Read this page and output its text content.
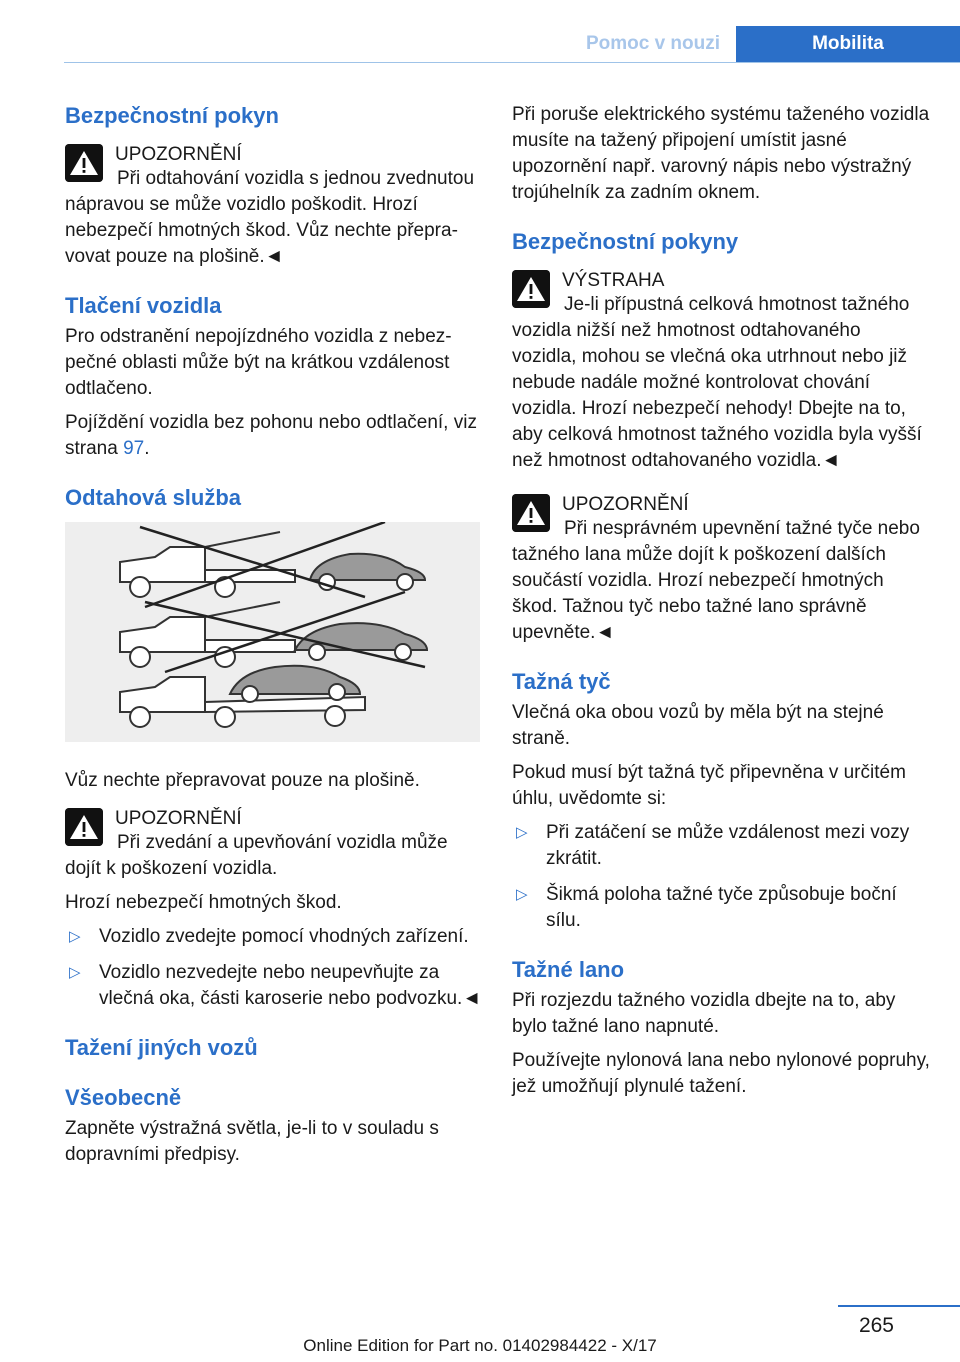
Pomoc v nouzi	Mobilita
Bezpečnostní pokyn
UPOZORNĚNÍ

Při odtahování vozidla s jednou zvednutou nápravou se může vozidlo poškodit. Hrozí nebezpečí hmotných škod. Vůz nechte přepravovat pouze na plošině.◄

Tlačení vozidla

Pro odstranění nepojízdného vozidla z nebezpečné oblasti může být na krátkou vzdálenost odtlačeno.

Pojíždění vozidla bez pohonu nebo odtlačení, viz strana 97.

Odtahová služba

Vůz nechte přepravovat pouze na plošině.

UPOZORNĚNÍ

Při zvedání a upevňování vozidla může dojít k poškození vozidla.

Hrozí nebezpečí hmotných škod.

▷ Vozidlo zvedejte pomocí vhodných zařízení.
▷ Vozidlo nezvedejte nebo neupevňujte za vlečná oka, části karoserie nebo podvozku.◄
Tažení jiných vozů
Všeobecně

Zapněte výstražná světla, je-li to v souladu s dopravními předpisy.

Při poruše elektrického systému taženého vozidla musíte na tažený připojení umístit jasné upozornění např. varovný nápis nebo výstražný trojúhelník za zadním oknem.

Bezpečnostní pokyny
VÝSTRAHA

Je-li přípustná celková hmotnost tažného vozidla nižší než hmotnost odtahovaného vozidla, mohou se vlečná oka utrhnout nebo již nebude nadále možné kontrolovat chování vozidla. Hrozí nebezpečí nehody! Dbejte na to, aby celková hmotnost tažného vozidla byla vyšší než hmotnost odtahovaného vozidla.◄

UPOZORNĚNÍ

Při nesprávném upevnění tažné tyče nebo tažného lana může dojít k poškození dalších součástí vozidla. Hrozí nebezpečí hmotných škod. Tažnou tyč nebo tažné lano správně upevněte.◄

Tažná tyč

Vlečná oka obou vozů by měla být na stejné straně.

Pokud musí být tažná tyč připevněna v určitém úhlu, uvědomte si:

▷ Při zatáčení se může vzdálenost mezi vozy zkrátit.
▷ Šikmá poloha tažné tyče způsobuje boční sílu.
Tažné lano

Při rozjezdu tažného vozidla dbejte na to, aby bylo tažné lano napnuté.

Používejte nylonová lana nebo nylonové popruhy, jež umožňují plynulé tažení.

265
Online Edition for Part no. 01402984422 - X/17
